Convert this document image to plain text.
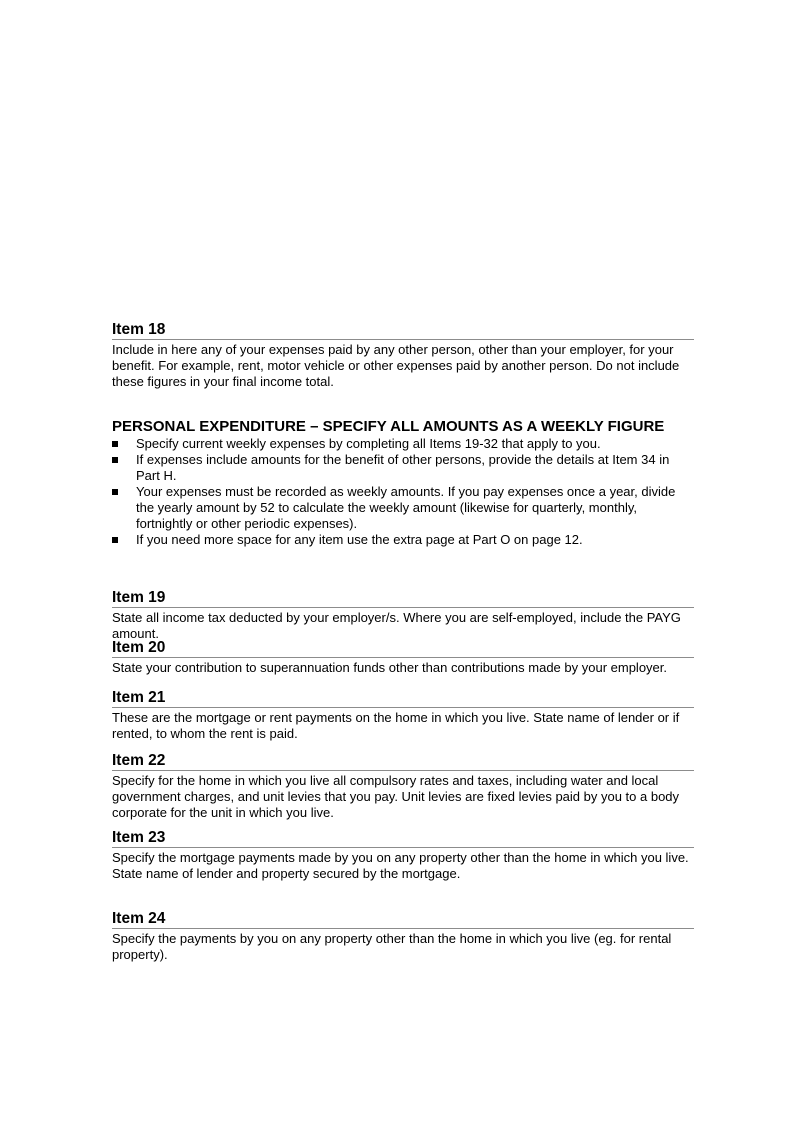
Item 18
Include in here any of your expenses paid by any other person, other than your employer, for your benefit. For example, rent, motor vehicle or other expenses paid by another person. Do not include these figures in your final income total.
PERSONAL EXPENDITURE – SPECIFY ALL AMOUNTS AS A WEEKLY FIGURE
Specify current weekly expenses by completing all Items 19-32 that apply to you.
If expenses include amounts for the benefit of other persons, provide the details at Item 34 in Part H.
Your expenses must be recorded as weekly amounts. If you pay expenses once a year, divide the yearly amount by 52 to calculate the weekly amount (likewise for quarterly, monthly, fortnightly or other periodic expenses).
If you need more space for any item use the extra page at Part O on page 12.
Item 19
State all income tax deducted by your employer/s. Where you are self-employed, include the PAYG amount.
Item 20
State your contribution to superannuation funds other than contributions made by your employer.
Item 21
These are the mortgage or rent payments on the home in which you live. State name of lender or if rented, to whom the rent is paid.
Item 22
Specify for the home in which you live all compulsory rates and taxes, including water and local government charges, and unit levies that you pay. Unit levies are fixed levies paid by you to a body corporate for the unit in which you live.
Item 23
Specify the mortgage payments made by you on any property other than the home in which you live. State name of lender and property secured by the mortgage.
Item 24
Specify the payments by you on any property other than the home in which you live (eg. for rental property).
